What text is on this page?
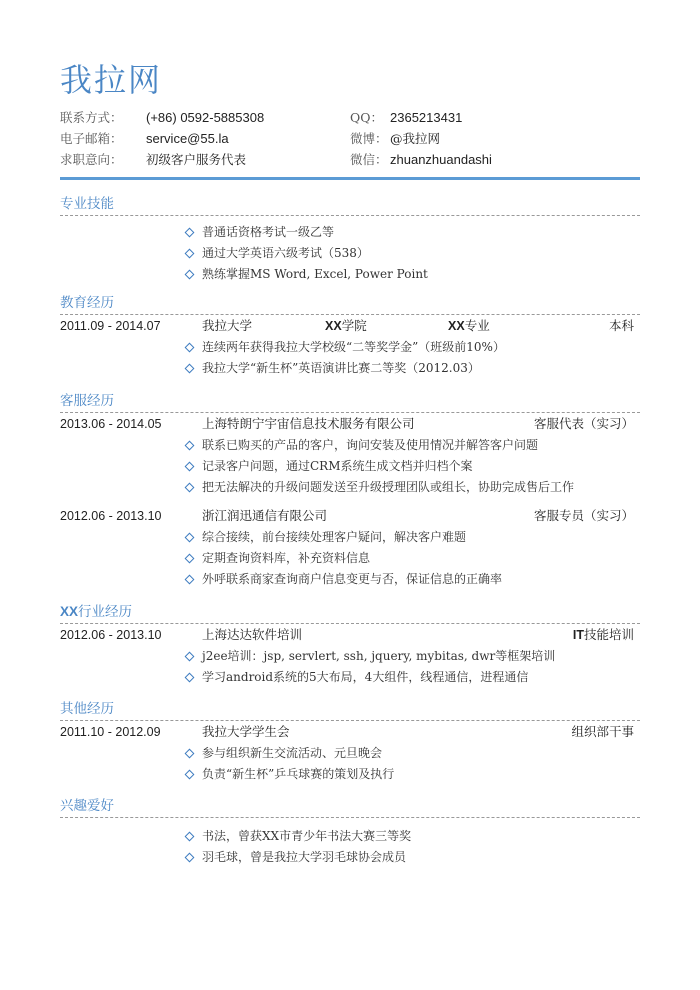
我拉网
联系方式： (+86) 0592-5885308	QQ： 2365213431
电子邮箱： service@55.la	微博： @我拉网
求职意向： 初级客户服务代表	微信： zhuanzhuandashi
专业技能
普通话资格考试一级乙等
通过大学英语六级考试（538）
熟练掌握MS Word, Excel, Power Point
教育经历
2011.09 - 2014.07	我拉大学	XX学院	XX专业	本科
连续两年获得我拉大学校级“二等奖学金”（班级前10%）
我拉大学“新生杯”英语演讲比赛二等奖（2012.03）
客服经历
2013.06 - 2014.05	上海特朗宁宇宙信息技术服务有限公司	客服代表（实习）
联系已购买的产品的客户，询问安装及使用情况并解答客户问题
记录客户问题，通过CRM系统生成文档并归档个案
把无法解决的升级问题发送至升级授理团队或组长，协助完成售后工作
2012.06 - 2013.10	浙江润迅通信有限公司	客服专员（实习）
综合接续，前台接续处理客户疑问，解决客户难题
定期查询资料库，补充资料信息
外呼联系商家查询商户信息变更与否，保证信息的正确率
XX行业经历
2012.06 - 2013.10	上海达达软件培训	IT技能培训
j2ee培训：jsp, servlert, ssh, jquery, mybitas, dwr等框架培训
学习android系统的5大布局，4大组件，线程通信，进程通信
其他经历
2011.10 - 2012.09	我拉大学学生会	组织部干事
参与组织新生交流活动、元旦晚会
负责“新生杯”乒乓球赛的策划及执行
兴趣爱好
书法，曾获XX市青少年书法大赛三等奖
羽毛球，曾是我拉大学羽毛球协会成员
